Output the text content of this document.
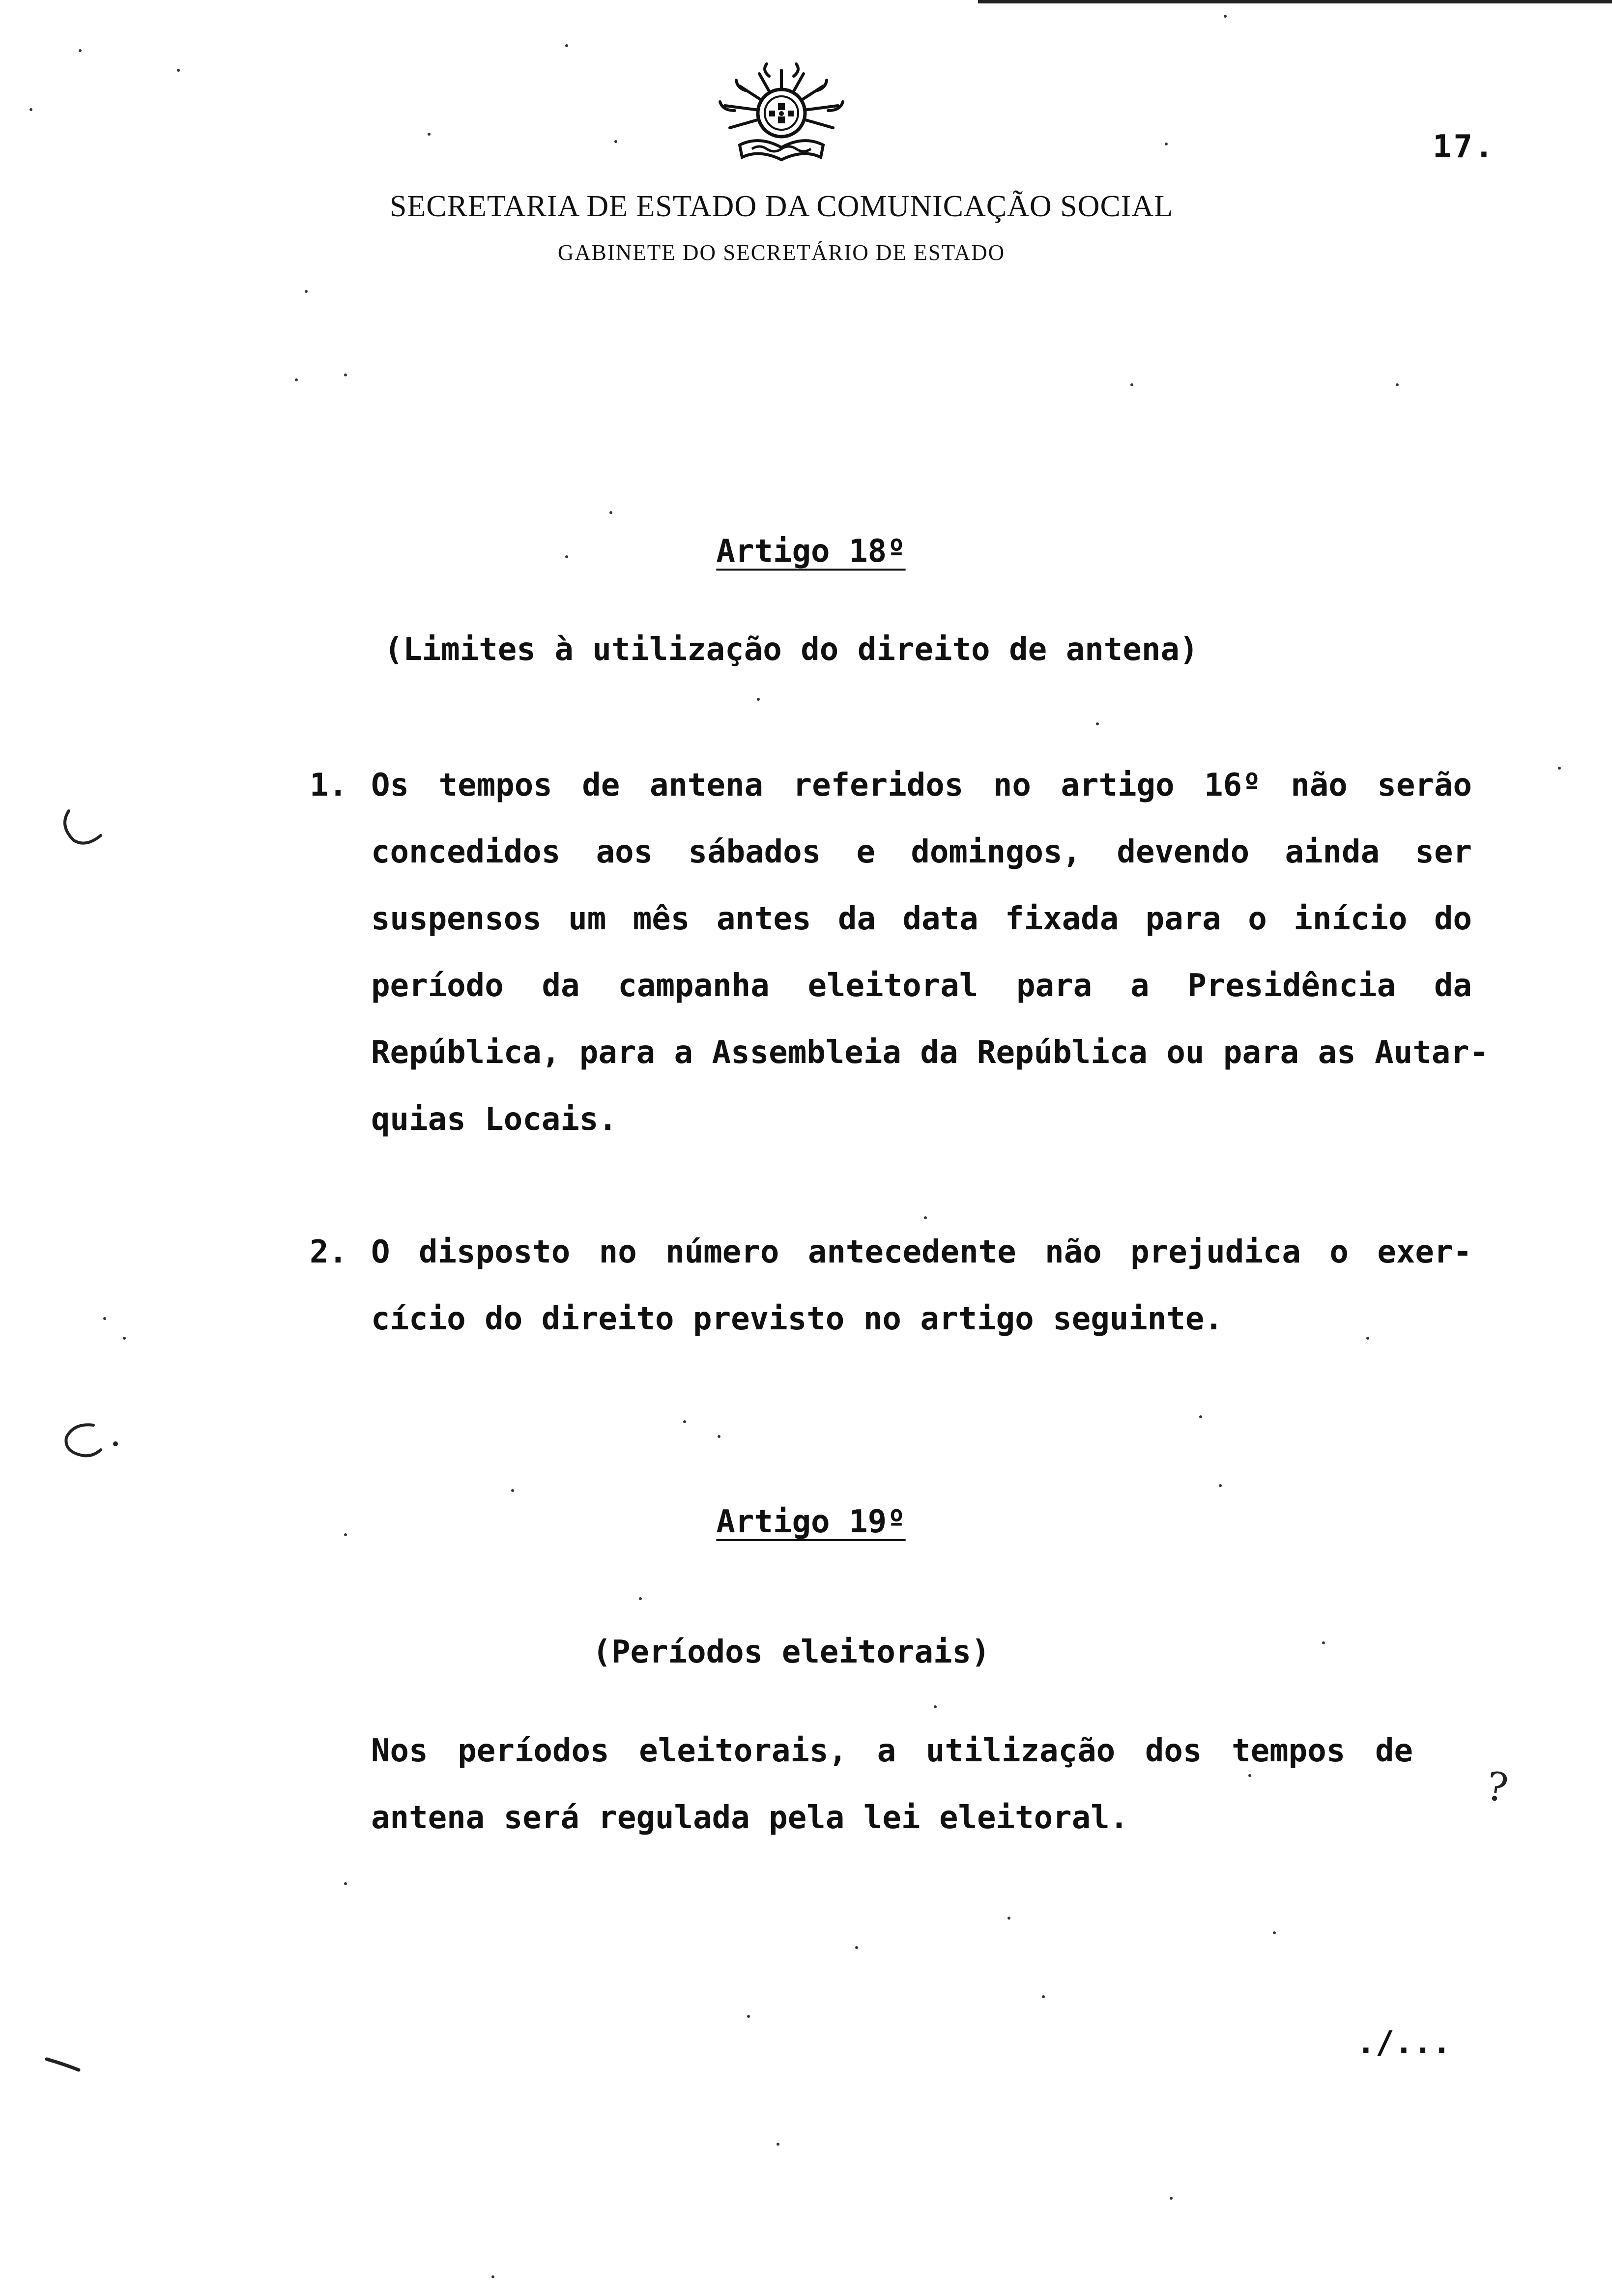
17.
SECRETARIA DE ESTADO DA COMUNICAÇÃO SOCIAL
GABINETE DO SECRETÁRIO DE ESTADO
Artigo 18º
(Limites à utilização do direito de antena)
1. Os tempos de antena referidos no artigo 16º não serão
concedidos aos sábados e domingos, devendo ainda ser
suspensos um mês antes da data fixada para o início do
período da campanha eleitoral para a Presidência da
República, para a Assembleia da República ou para as Autar-
quias Locais.
2. O disposto no número antecedente não prejudica o exer-
cício do direito previsto no artigo seguinte.
Artigo 19º
(Períodos eleitorais)
Nos períodos eleitorais, a utilização dos tempos de
antena será regulada pela lei eleitoral.
?
./...
